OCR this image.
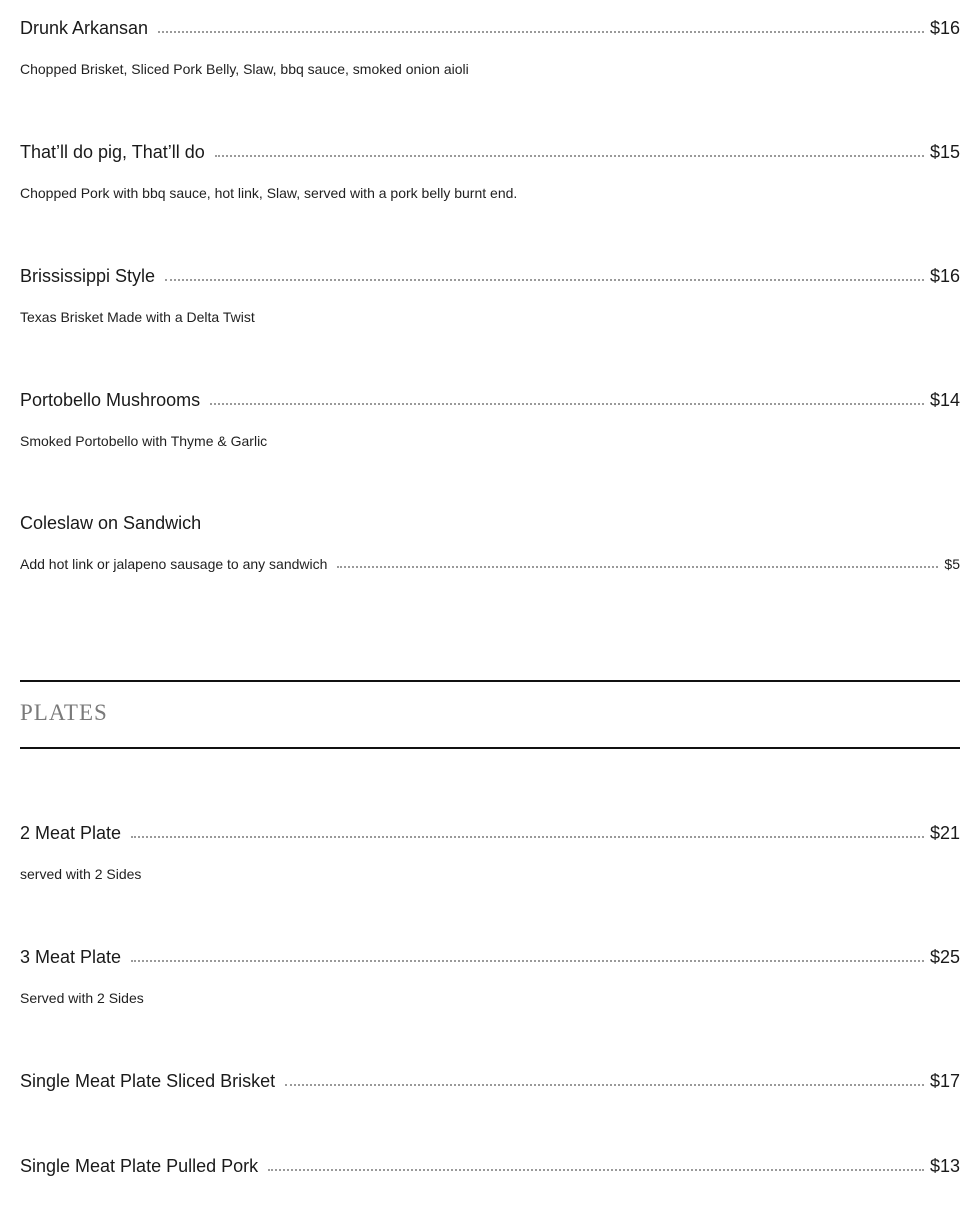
Drunk Arkansan	$16
Chopped Brisket, Sliced Pork Belly, Slaw, bbq sauce, smoked onion aioli
That’ll do pig, That’ll do	$15
Chopped Pork with bbq sauce, hot link, Slaw, served with a pork belly burnt end.
Brississippi Style	$16
Texas Brisket Made with a Delta Twist
Portobello Mushrooms	$14
Smoked Portobello with Thyme & Garlic
Coleslaw on Sandwich
Add hot link or jalapeno sausage to any sandwich	$5
PLATES
2 Meat Plate	$21
served with 2 Sides
3 Meat Plate	$25
Served with 2 Sides
Single Meat Plate Sliced Brisket	$17
Single Meat Plate Pulled Pork	$13
